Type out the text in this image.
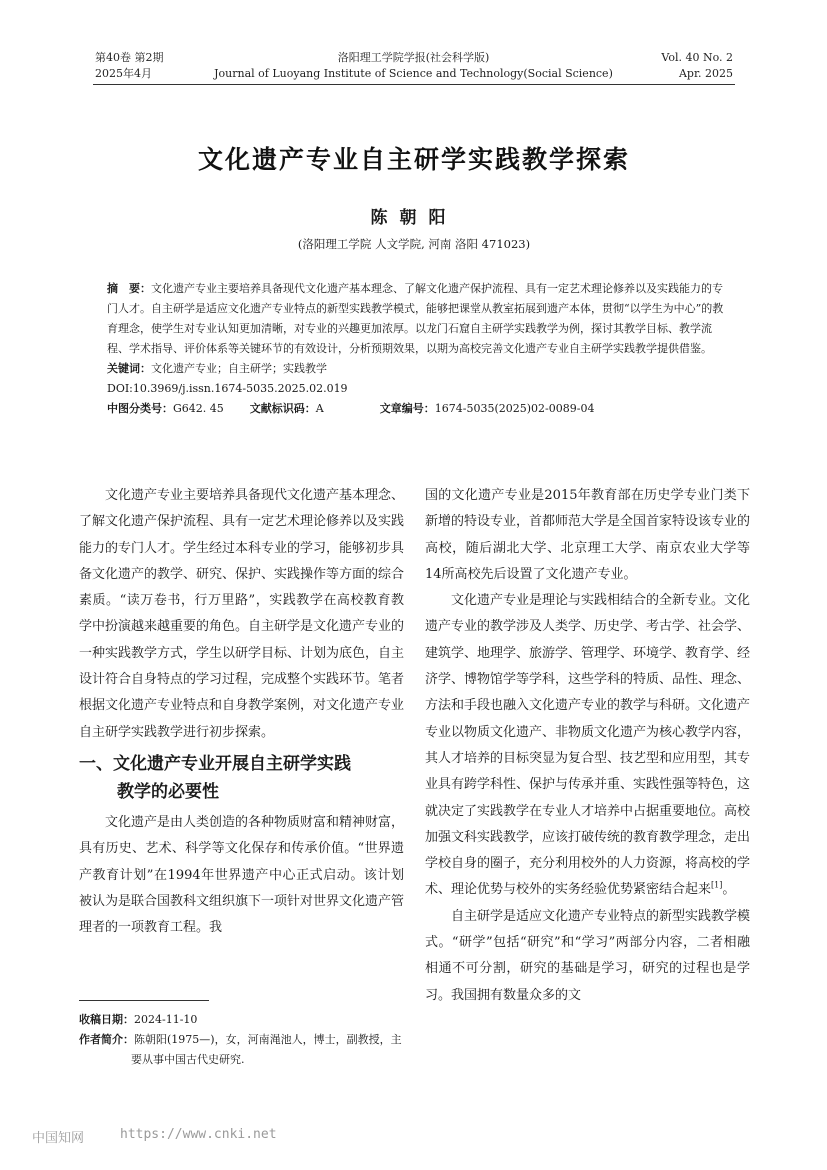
第40卷 第2期
2025年4月
洛阳理工学院学报(社会科学版)
Journal of Luoyang Institute of Science and Technology(Social Science)
Vol. 40 No. 2
Apr. 2025
文化遗产专业自主研学实践教学探索
陈朝阳
(洛阳理工学院 人文学院, 河南 洛阳 471023)
摘　要：文化遗产专业主要培养具备现代文化遗产基本理念、了解文化遗产保护流程、具有一定艺术理论修养以及实践能力的专门人才。自主研学是适应文化遗产专业特点的新型实践教学模式，能够把课堂从教室拓展到遗产本体，贯彻“以学生为中心”的教育理念，使学生对专业认知更加清晰，对专业的兴趣更加浓厚。以龙门石窟自主研学实践教学为例，探讨其教学目标、教学流程、学术指导、评价体系等关键环节的有效设计，分析预期效果，以期为高校完善文化遗产专业自主研学实践教学提供借鉴。
关键词：文化遗产专业；自主研学；实践教学
DOI:10.3969/j.issn.1674-5035.2025.02.019
中图分类号：G642. 45 文献标识码：A	文章编号：1674-5035(2025)02-0089-04

文化遗产专业主要培养具备现代文化遗产基本理念、了解文化遗产保护流程、具有一定艺术理论修养以及实践能力的专门人才。学生经过本科专业的学习，能够初步具备文化遗产的教学、研究、保护、实践操作等方面的综合素质。“读万卷书，行万里路”，实践教学在高校教育教学中扮演越来越重要的角色。自主研学是文化遗产专业的一种实践教学方式，学生以研学目标、计划为底色，自主设计符合自身特点的学习过程，完成整个实践环节。笔者根据文化遗产专业特点和自身教学案例，对文化遗产专业自主研学实践教学进行初步探索。

一、文化遗产专业开展自主研学实践
教学的必要性

文化遗产是由人类创造的各种物质财富和精神财富，具有历史、艺术、科学等文化保存和传承价值。“世界遗产教育计划”在1994年世界遗产中心正式启动。该计划被认为是联合国教科文组织旗下一项针对世界文化遗产管理者的一项教育工程。我

国的文化遗产专业是2015年教育部在历史学专业门类下新增的特设专业，首都师范大学是全国首家特设该专业的高校，随后湖北大学、北京理工大学、南京农业大学等14所高校先后设置了文化遗产专业。

文化遗产专业是理论与实践相结合的全新专业。文化遗产专业的教学涉及人类学、历史学、考古学、社会学、建筑学、地理学、旅游学、管理学、环境学、教育学、经济学、博物馆学等学科，这些学科的特质、品性、理念、方法和手段也融入文化遗产专业的教学与科研。文化遗产专业以物质文化遗产、非物质文化遗产为核心教学内容，其人才培养的目标突显为复合型、技艺型和应用型，其专业具有跨学科性、保护与传承并重、实践性强等特色，这就决定了实践教学在专业人才培养中占据重要地位。高校加强文科实践教学，应该打破传统的教育教学理念，走出学校自身的圈子，充分利用校外的人力资源，将高校的学术、理论优势与校外的实务经验优势紧密结合起来[1]。

自主研学是适应文化遗产专业特点的新型实践教学模式。“研学”包括“研究”和“学习”两部分内容，二者相融相通不可分割，研究的基础是学习，研究的过程也是学习。我国拥有数量众多的文

收稿日期：2024-11-10
作者简介：陈朝阳(1975—)，女，河南渑池人，博士，副教授，主
要从事中国古代史研究.
中国知网	https://www.cnki.net
